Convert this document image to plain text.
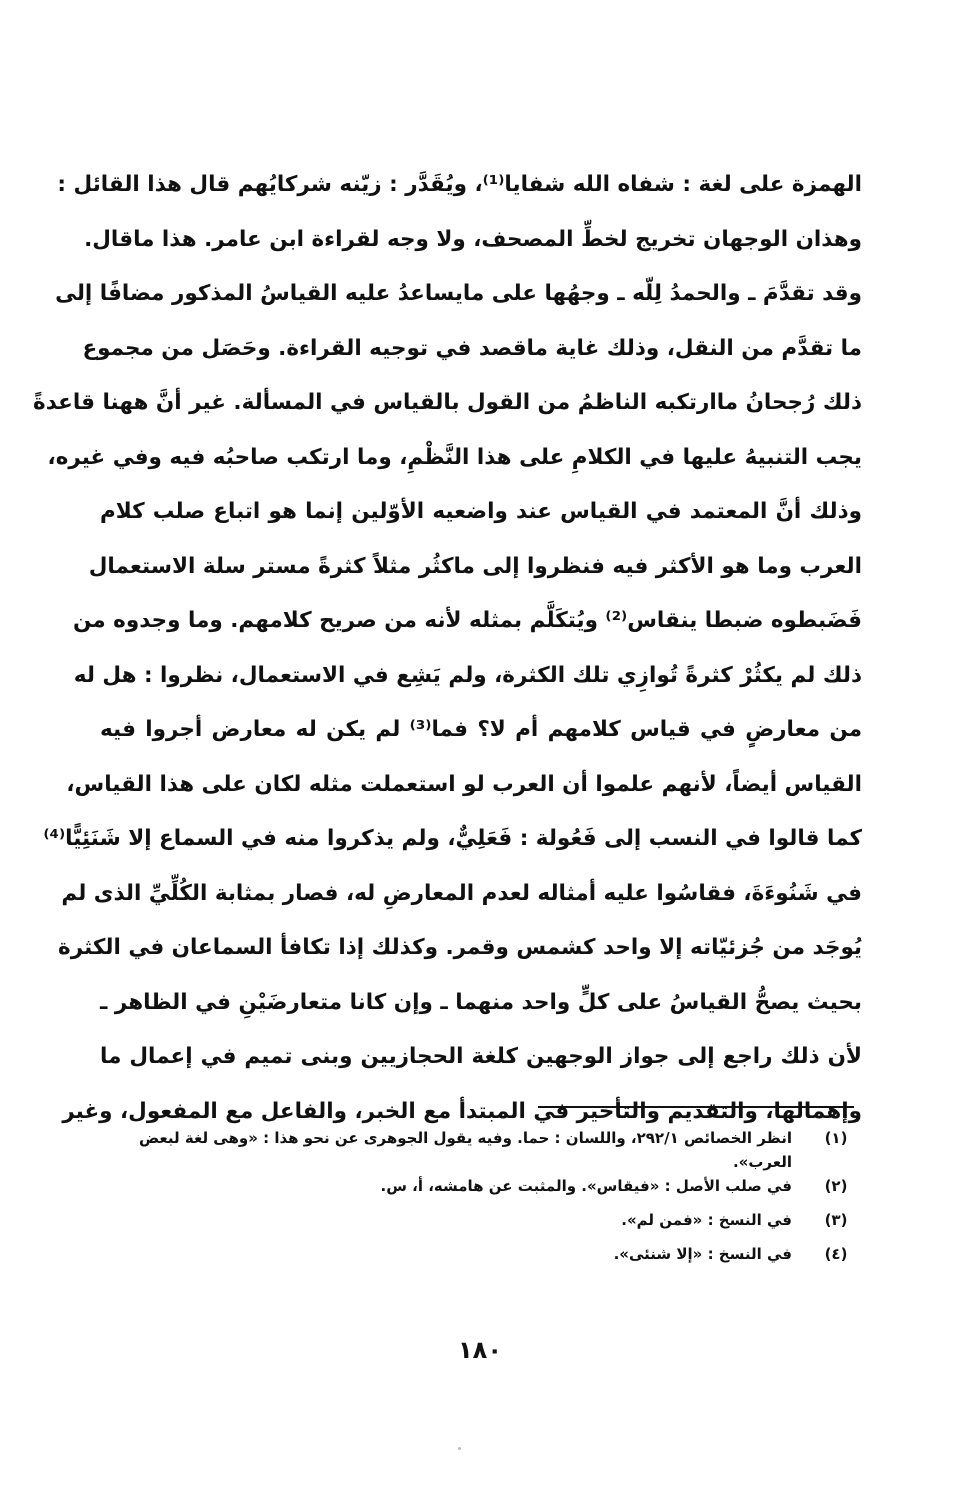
الهمزة على لغة : شفاه الله شفايا⁽¹⁾، ويُقَدَّر : زيّنه شركايُهم قال هذا القائل :
وهذان الوجهان تخريج لخطِّ المصحف، ولا وجه لقراءة ابن عامر. هذا ماقال.
وقد تقدَّمَ ـ والحمدُ لِلّه ـ وجهُها على مايساعدُ عليه القياسُ المذكور مضافًا إلى
ما تقدَّم من النقل، وذلك غاية ماقصد في توجيه القراءة. وحَصَل من مجموع
ذلك رُجحانُ ماارتكبه الناظمُ من القول بالقياس في المسألة. غير أنَّ ههنا قاعدةً
يجب التنبيهُ عليها في الكلامِ على هذا النَّظْمِ، وما ارتكب صاحبُه فيه وفي غيره،
وذلك أنَّ المعتمد في القياس عند واضعيه الأوّلين إنما هو اتباع صلب كلام
العرب وما هو الأكثر فيه فنظروا إلى ماكثُر مثلاً كثرةً مستر سلة الاستعمال
فَضَبطوه ضبطا ينقاس⁽²⁾ ويُتكَلَّم بمثله لأنه من صريح كلامهم. وما وجدوه من
ذلك لم يكثُرْ كثرةً تُوازِي تلك الكثرة، ولم يَشِع في الاستعمال، نظروا : هل له
من معارضٍ في قياس كلامهم أم لا؟ فما⁽³⁾ لم يكن له معارض أجروا فيه
القياس أيضاً، لأنهم علموا أن العرب لو استعملت مثله لكان على هذا القياس،
كما قالوا في النسب إلى فَعُولة : فَعَلِيٌّ، ولم يذكروا منه في السماع إلا شَنَئِيًّا⁽⁴⁾
في شَنُوءَةَ، فقاسُوا عليه أمثاله لعدم المعارضِ له، فصار بمثابة الكُلِّيِّ الذى لم
يُوجَد من جُزئيّاته إلا واحد كشمس وقمر. وكذلك إذا تكافأ السماعان في الكثرة
بحيث يصحُّ القياسُ على كلٍّ واحد منهما ـ وإن كانا متعارضَيْنِ في الظاهر ـ
لأن ذلك راجع إلى جواز الوجهين كلغة الحجازيين وبنى تميم في إعمال ما
وإهمالها، والتقديم والتأخير في المبتدأ مع الخبر، والفاعل مع المفعول، وغير
(١)
انظر الخصائص ٢٩٢/١، واللسان : حما. وفيه يقول الجوهرى عن نحو هذا : «وهى لغة لبعض العرب».
(٢)
في صلب الأصل : «فيقاس». والمثبت عن هامشه، أ، س.
(٣)
في النسخ : «فمن لم».
(٤)
في النسخ : «إلا شنئى».
١٨٠
